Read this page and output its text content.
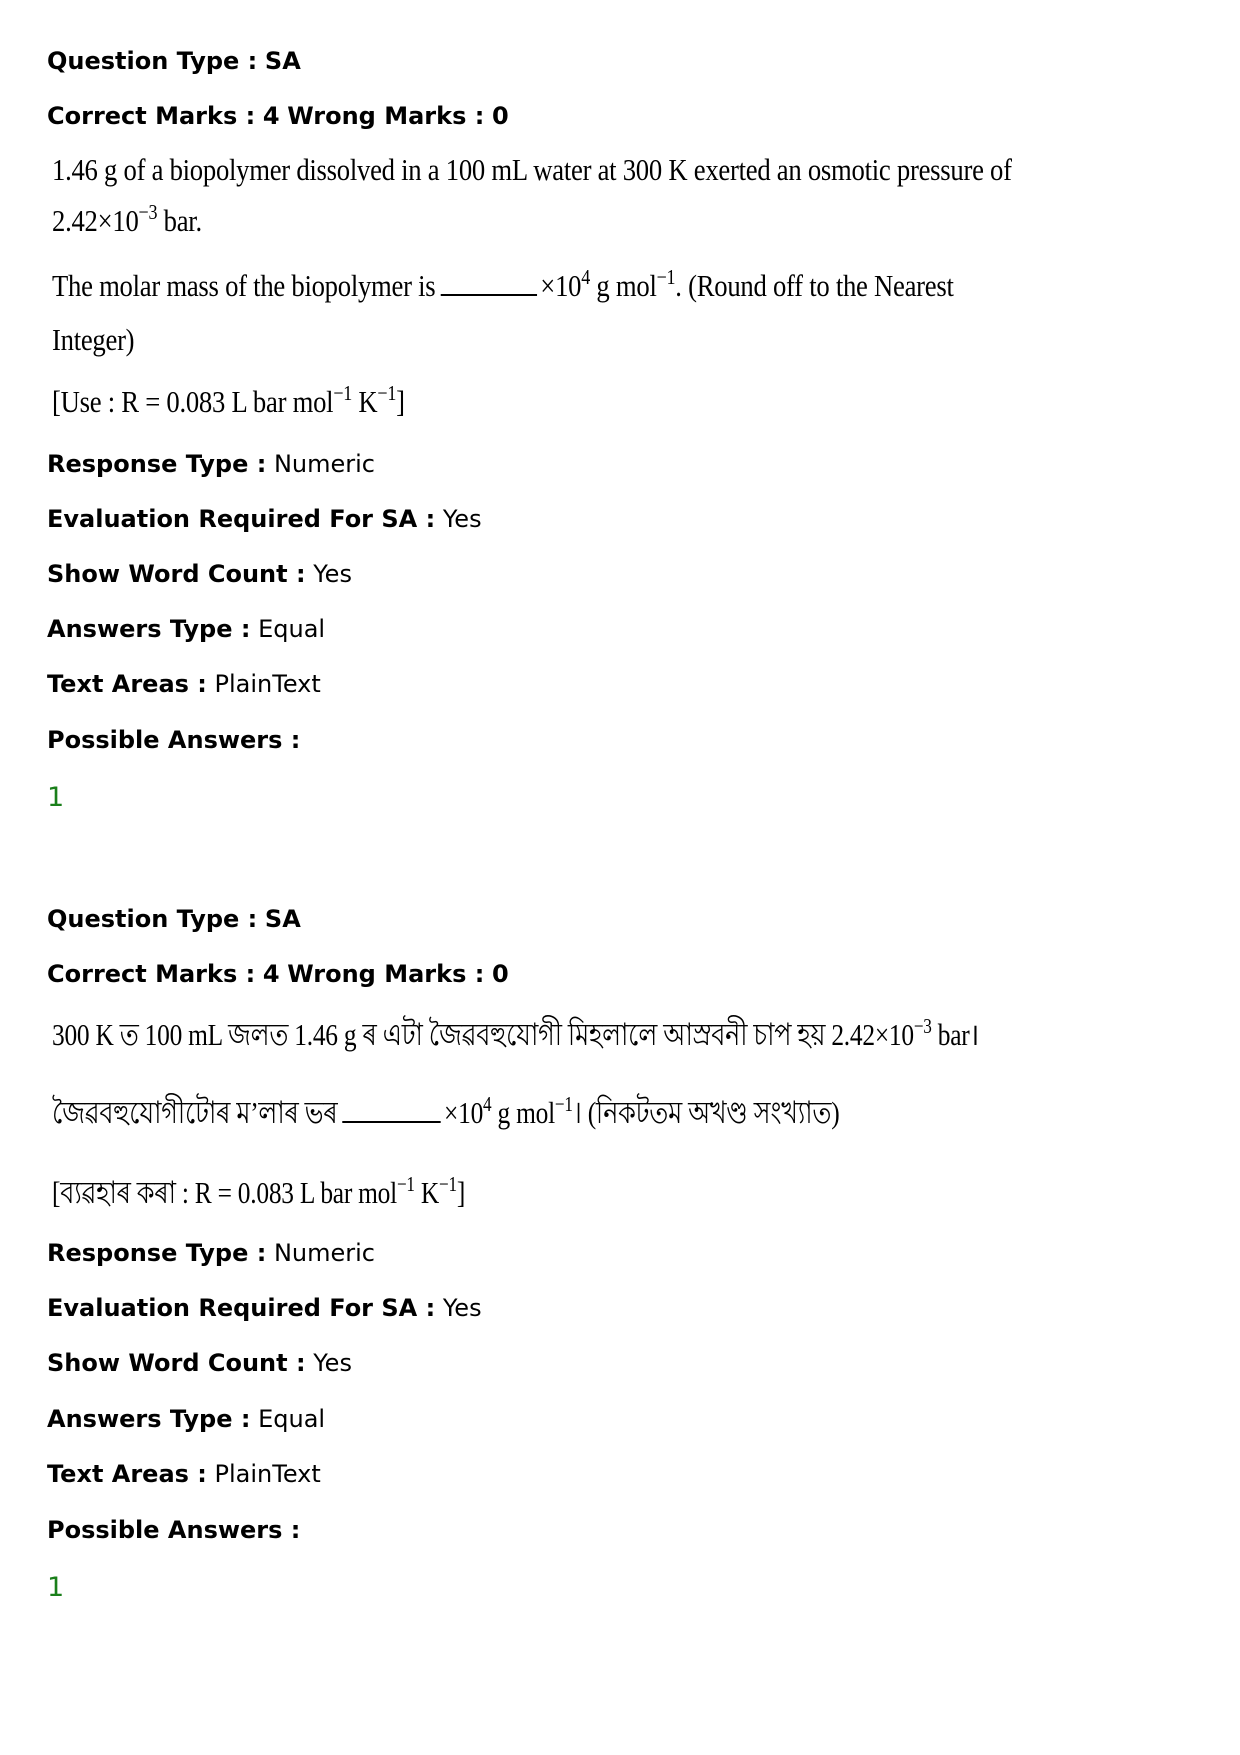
Question Type : SA

Correct Marks : 4 Wrong Marks : 0

1.46 g of a biopolymer dissolved in a 100 mL water at 300 K exerted an osmotic pressure of
$2.42\times 10^{-3}$ bar.
The molar mass of the biopolymer is	$\times 10^4$ g mol$^{-1}$. (Round off to the Nearest
Integer)
[Use : R = 0.083 L bar mol$^{-1}$ $K^{-1}$]

Response Type : Numeric

Evaluation Required For SA : Yes

Show Word Count : Yes

Answers Type : Equal

Text Areas : PlainText

Possible Answers :

1

Question Type : SA

Correct Marks : 4 Wrong Marks : 0

300 K ত 100 mL জলত 1.46 g ৰ এটা জৈৱবহুযোগী মিহলালে আস্ৰবনী চাপ হয় $2.42\times 10^{-3}$ bar।
জৈৱবহুযোগীটোৰ ম’লাৰ ভৰ	$\times 10^4$ g mol$^{-1}$। (নিকটতম অখণ্ড সংখ্যাত)
[ব্যৱহাৰ কৰা : R = 0.083 L bar mol$^{-1}$ $K^{-1}$]

Response Type : Numeric

Evaluation Required For SA : Yes

Show Word Count : Yes

Answers Type : Equal

Text Areas : PlainText

Possible Answers :

1
